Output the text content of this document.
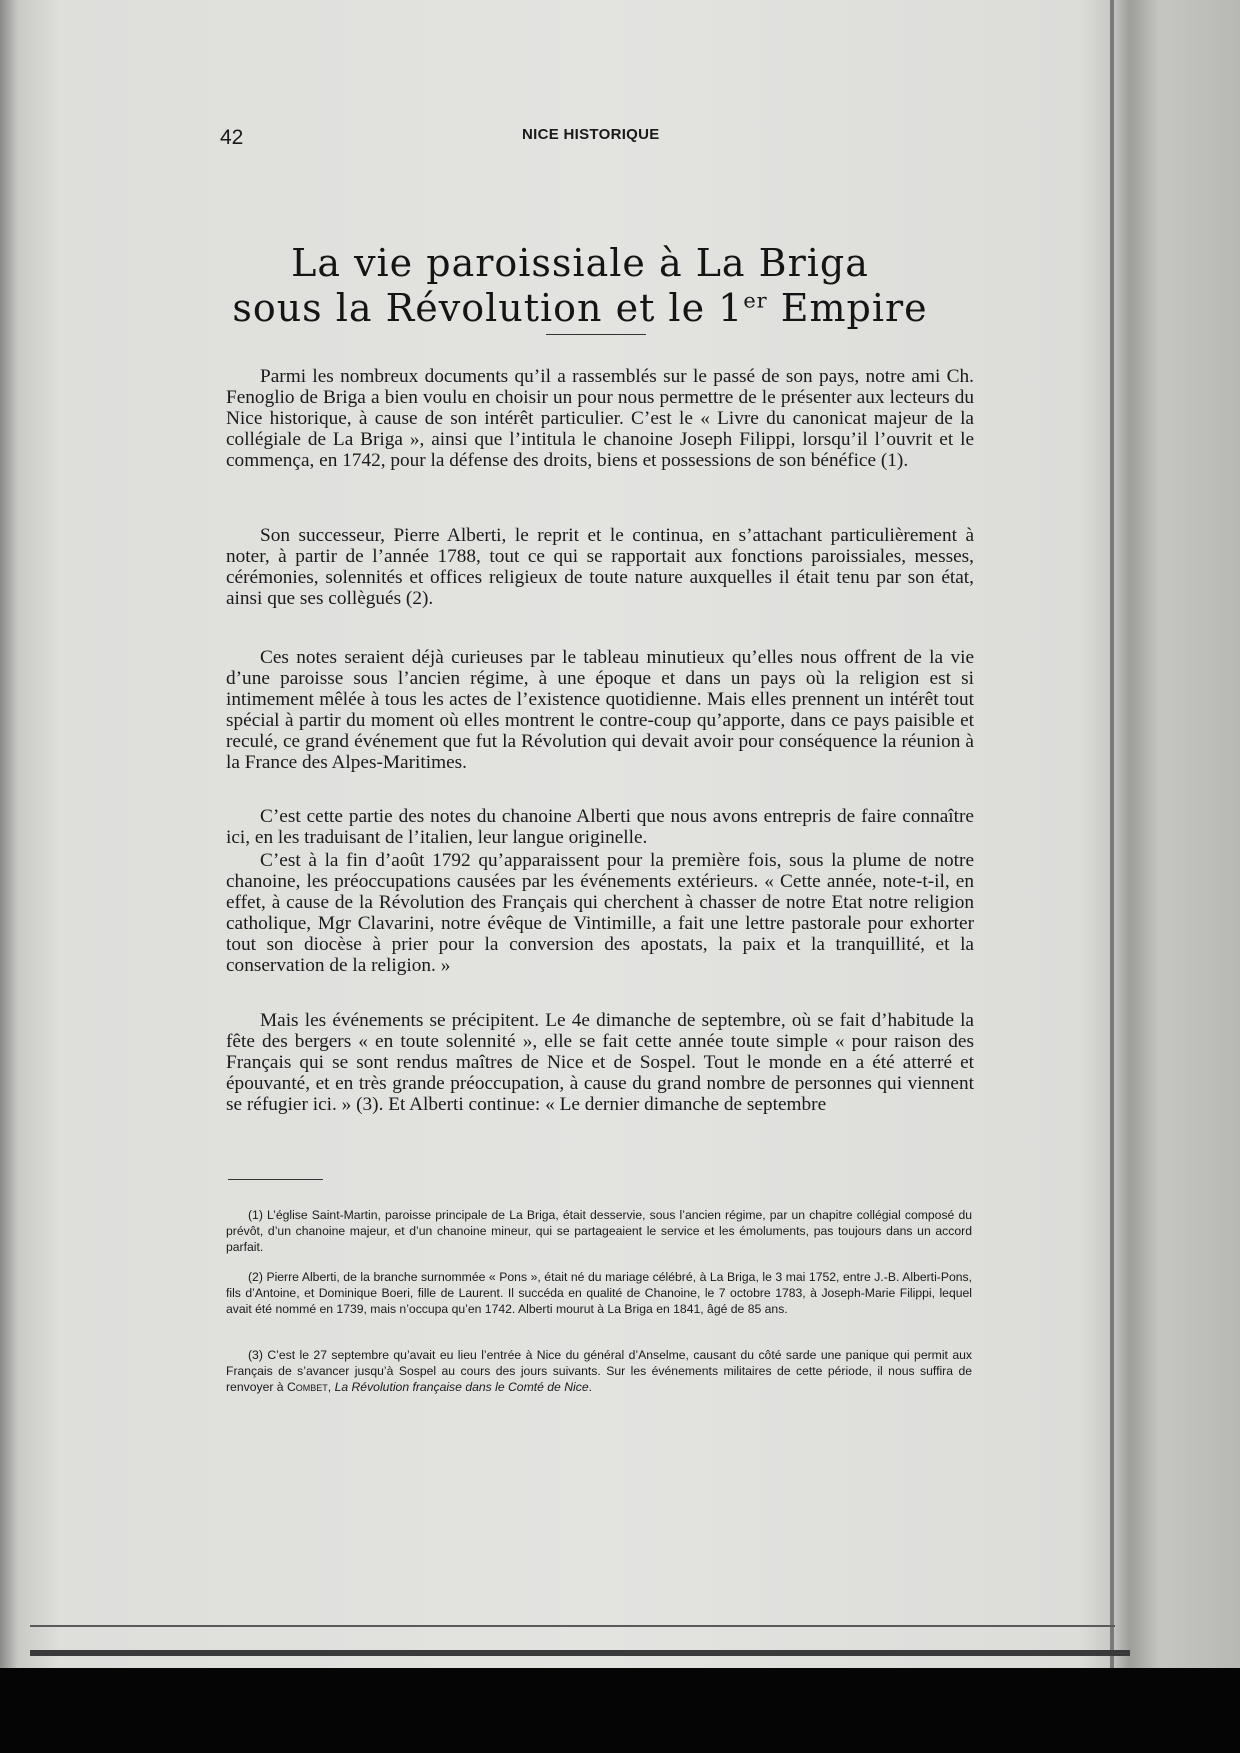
42	NICE HISTORIQUE
La vie paroissiale à La Briga
sous la Révolution et le 1er Empire

Parmi les nombreux documents qu’il a rassemblés sur le passé de son pays, notre ami Ch. Fenoglio de Briga a bien voulu en choisir un pour nous permettre de le présenter aux lecteurs du Nice historique, à cause de son intérêt particulier. C’est le « Livre du canonicat majeur de la collégiale de La Briga », ainsi que l’intitula le chanoine Joseph Filippi, lorsqu’il l’ouvrit et le commença, en 1742, pour la défense des droits, biens et possessions de son bénéfice (1).

Son successeur, Pierre Alberti, le reprit et le continua, en s’attachant particulièrement à noter, à partir de l’année 1788, tout ce qui se rapportait aux fonctions paroissiales, messes, cérémonies, solennités et offices religieux de toute nature auxquelles il était tenu par son état, ainsi que ses collègués (2).

Ces notes seraient déjà curieuses par le tableau minutieux qu’elles nous offrent de la vie d’une paroisse sous l’ancien régime, à une époque et dans un pays où la religion est si intimement mêlée à tous les actes de l’existence quotidienne. Mais elles prennent un intérêt tout spécial à partir du moment où elles montrent le contre-coup qu’apporte, dans ce pays paisible et reculé, ce grand événement que fut la Révolution qui devait avoir pour conséquence la réunion à la France des Alpes-Maritimes.

C’est cette partie des notes du chanoine Alberti que nous avons entrepris de faire connaître ici, en les traduisant de l’italien, leur langue originelle.

C’est à la fin d’août 1792 qu’apparaissent pour la première fois, sous la plume de notre chanoine, les préoccupations causées par les événements extérieurs. « Cette année, note-t-il, en effet, à cause de la Révolution des Français qui cherchent à chasser de notre Etat notre religion catholique, Mgr Clavarini, notre évêque de Vintimille, a fait une lettre pastorale pour exhorter tout son diocèse à prier pour la conversion des apostats, la paix et la tranquillité, et la conservation de la religion. »

Mais les événements se précipitent. Le 4e dimanche de septembre, où se fait d’habitude la fête des bergers « en toute solennité », elle se fait cette année toute simple « pour raison des Français qui se sont rendus maîtres de Nice et de Sospel. Tout le monde en a été atterré et épouvanté, et en très grande préoccupation, à cause du grand nombre de personnes qui viennent se réfugier ici. » (3). Et Alberti continue: « Le dernier dimanche de septembre

(1) L’église Saint-Martin, paroisse principale de La Briga, était desservie, sous l’ancien régime, par un chapitre collégial composé du prévôt, d’un chanoine majeur, et d’un chanoine mineur, qui se partageaient le service et les émoluments, pas toujours dans un accord parfait.

(2) Pierre Alberti, de la branche surnommée « Pons », était né du mariage célébré, à La Briga, le 3 mai 1752, entre J.-B. Alberti-Pons, fils d’Antoine, et Dominique Boeri, fille de Laurent. Il succéda en qualité de Chanoine, le 7 octobre 1783, à Joseph-Marie Filippi, lequel avait été nommé en 1739, mais n’occupa qu’en 1742. Alberti mourut à La Briga en 1841, âgé de 85 ans.

(3) C’est le 27 septembre qu’avait eu lieu l’entrée à Nice du général d’Anselme, causant du côté sarde une panique qui permit aux Français de s’avancer jusqu’à Sospel au cours des jours suivants. Sur les événements militaires de cette période, il nous suffira de renvoyer à Combet, La Révolution française dans le Comté de Nice.
